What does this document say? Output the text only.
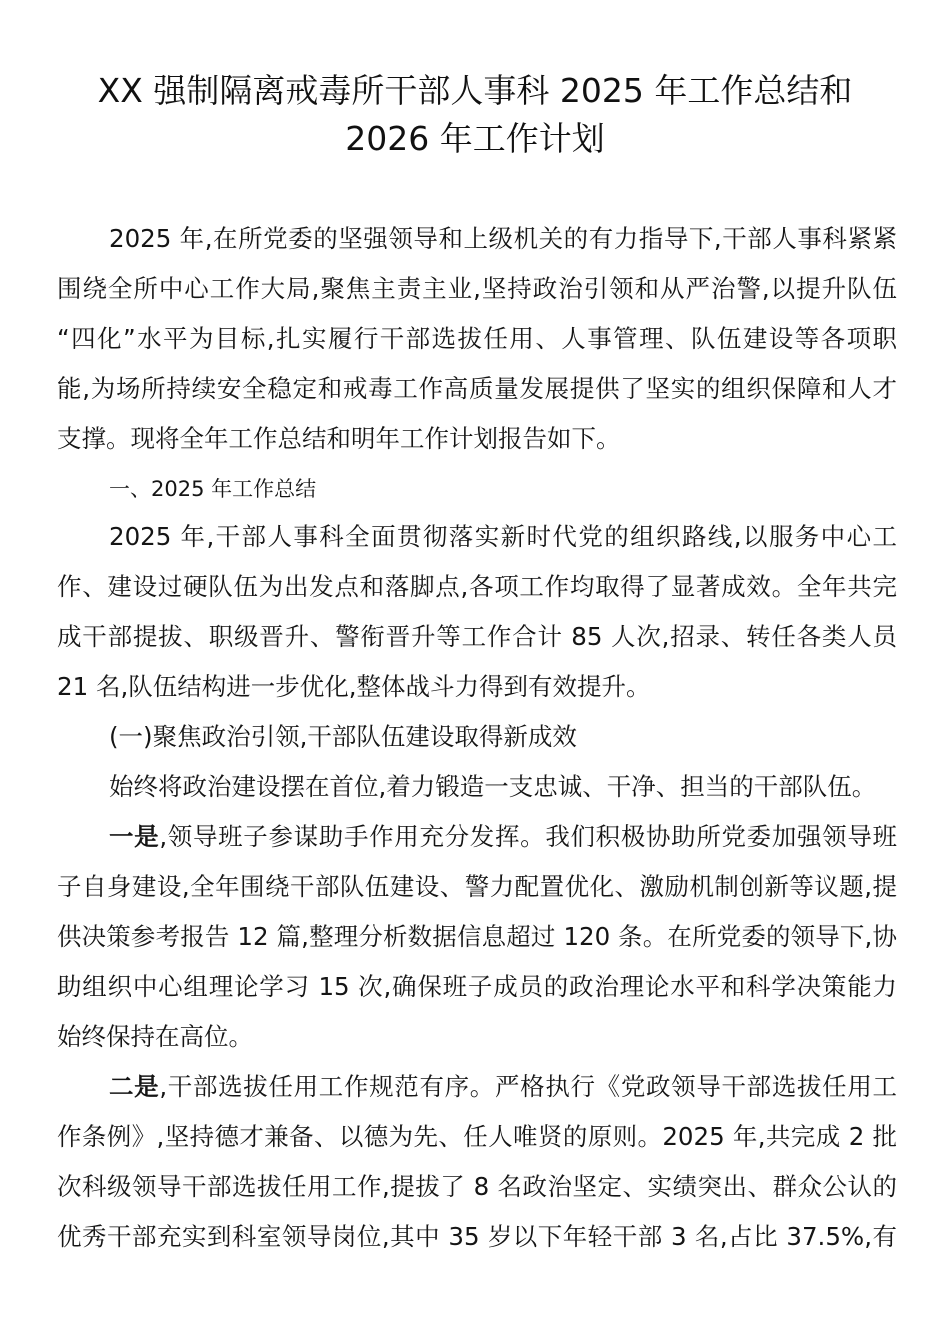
XX 强制隔离戒毒所干部人事科 2025 年工作总结和
2026 年工作计划
2025 年,在所党委的坚强领导和上级机关的有力指导下,干部人事科紧紧
围绕全所中心工作大局,聚焦主责主业,坚持政治引领和从严治警,以提升队伍
“四化”水平为目标,扎实履行干部选拔任用、人事管理、队伍建设等各项职
能,为场所持续安全稳定和戒毒工作高质量发展提供了坚实的组织保障和人才
支撑。现将全年工作总结和明年工作计划报告如下。
一、2025 年工作总结
2025 年,干部人事科全面贯彻落实新时代党的组织路线,以服务中心工
作、建设过硬队伍为出发点和落脚点,各项工作均取得了显著成效。全年共完
成干部提拔、职级晋升、警衔晋升等工作合计 85 人次,招录、转任各类人员
21 名,队伍结构进一步优化,整体战斗力得到有效提升。
(一)聚焦政治引领,干部队伍建设取得新成效
始终将政治建设摆在首位,着力锻造一支忠诚、干净、担当的干部队伍。
一是,领导班子参谋助手作用充分发挥。我们积极协助所党委加强领导班
子自身建设,全年围绕干部队伍建设、警力配置优化、激励机制创新等议题,提
供决策参考报告 12 篇,整理分析数据信息超过 120 条。在所党委的领导下,协
助组织中心组理论学习 15 次,确保班子成员的政治理论水平和科学决策能力
始终保持在高位。
二是,干部选拔任用工作规范有序。严格执行《党政领导干部选拔任用工
作条例》,坚持德才兼备、以德为先、任人唯贤的原则。2025 年,共完成 2 批
次科级领导干部选拔任用工作,提拔了 8 名政治坚定、实绩突出、群众公认的
优秀干部充实到科室领导岗位,其中 35 岁以下年轻干部 3 名,占比 37.5%,有
